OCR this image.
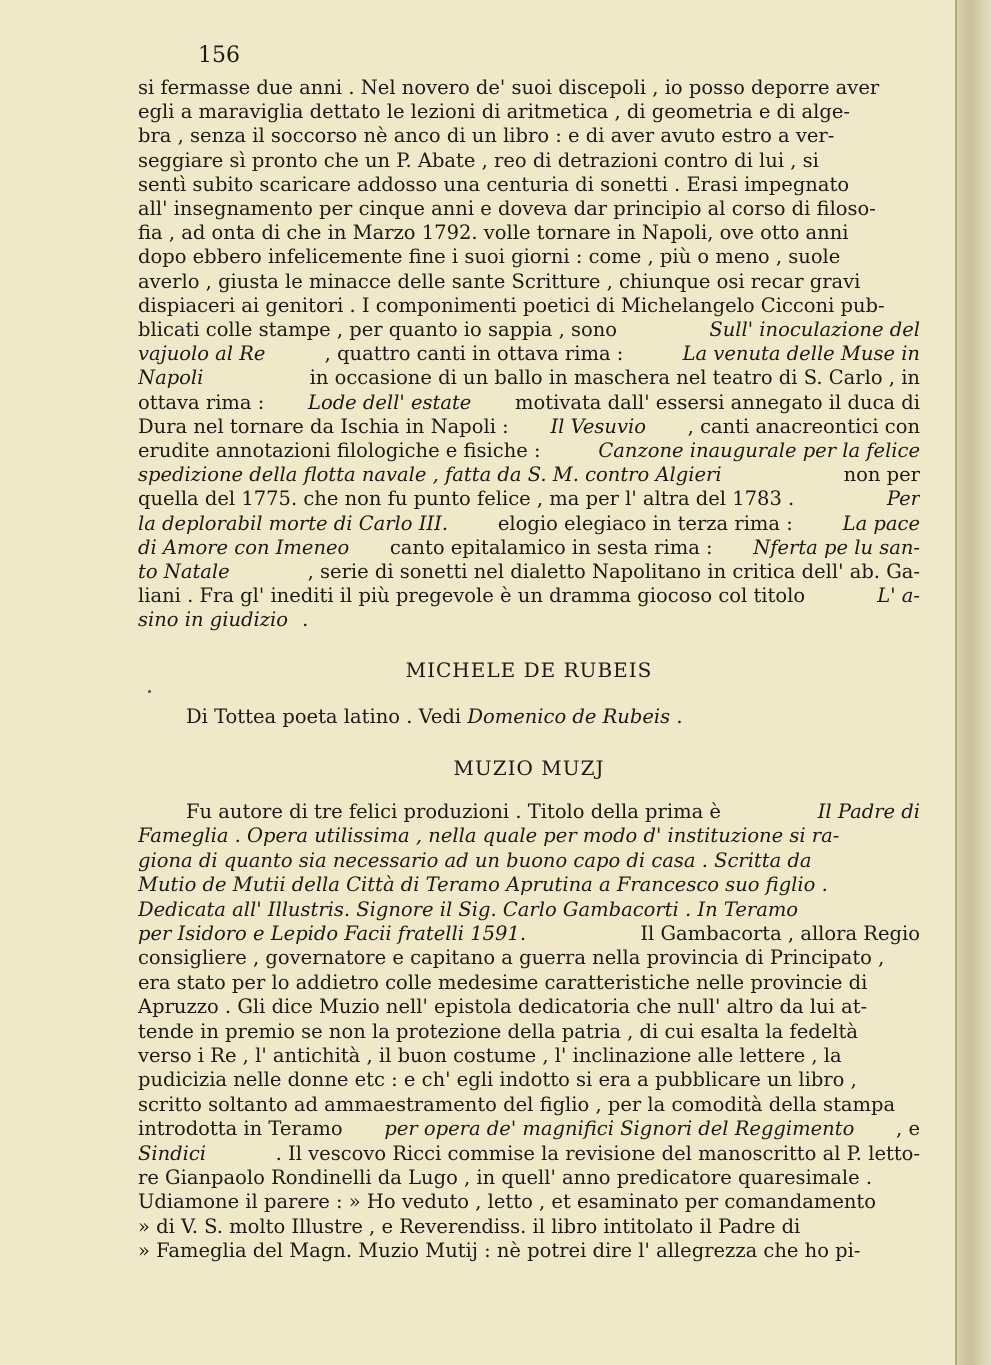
156
si fermasse due anni . Nel novero de' suoi discepoli , io posso deporre aver
egli a maraviglia dettato le lezioni di aritmetica , di geometria e di alge-
bra , senza il soccorso nè anco di un libro : e di aver avuto estro a ver-
seggiare sì pronto che un P. Abate , reo di detrazioni contro di lui , si
sentì subito scaricare addosso una centuria di sonetti . Erasi impegnato
all' insegnamento per cinque anni e doveva dar principio al corso di filoso-
fia , ad onta di che in Marzo 1792. volle tornare in Napoli, ove otto anni
dopo ebbero infelicemente fine i suoi giorni : come , più o meno , suole
averlo , giusta le minacce delle sante Scritture , chiunque osi recar gravi
dispiaceri ai genitori . I componimenti poetici di Michelangelo Cicconi pub-
blicati colle stampe , per quanto io sappia , sono	Sull' inoculazione del
vajuolo al Re	, quattro canti in ottava rima :	La venuta delle Muse in
Napoli	in occasione di un ballo in maschera nel teatro di S. Carlo , in
ottava rima : Lode dell' estate motivata dall' essersi annegato il duca di
Dura nel tornare da Ischia in Napoli : Il Vesuvio , canti anacreontici con
erudite annotazioni filologiche e fisiche :	Canzone inaugurale per la felice
spedizione della flotta navale , fatta da S. M. contro Algieri	non per
quella del 1775. che non fu punto felice , ma per l' altra del 1783 .	Per
la deplorabil morte di Carlo III. elogio elegiaco in terza rima : La pace
di Amore con Imeneo canto epitalamico in sesta rima : Nferta pe lu san-
to Natale	, serie di sonetti nel dialetto Napolitano in critica dell' ab. Ga-
liani . Fra gl' inediti il più pregevole è un dramma giocoso col titolo	L' a-
sino in giudizio .
MICHELE DE RUBEIS
Di Tottea poeta latino . Vedi Domenico de Rubeis .
MUZIO MUZJ
Fu autore di tre felici produzioni . Titolo della prima è	Il Padre di
Fameglia . Opera utilissima , nella quale per modo d' instituzione si ra-
giona di quanto sia necessario ad un buono capo di casa . Scritta da
Mutio de Mutii della Città di Teramo Aprutina a Francesco suo figlio .
Dedicata all' Illustris. Signore il Sig. Carlo Gambacorti . In Teramo
per Isidoro e Lepido Facii fratelli 1591.	Il Gambacorta , allora Regio
consigliere , governatore e capitano a guerra nella provincia di Principato ,
era stato per lo addietro colle medesime caratteristiche nelle provincie di
Apruzzo . Gli dice Muzio nell' epistola dedicatoria che null' altro da lui at-
tende in premio se non la protezione della patria , di cui esalta la fedeltà
verso i Re , l' antichità , il buon costume , l' inclinazione alle lettere , la
pudicizia nelle donne etc : e ch' egli indotto si era a pubblicare un libro ,
scritto soltanto ad ammaestramento del figlio , per la comodità della stampa
introdotta in Teramo per opera de' magnifici Signori del Reggimento , e
Sindici	. Il vescovo Ricci commise la revisione del manoscritto al P. letto-
re Gianpaolo Rondinelli da Lugo , in quell' anno predicatore quaresimale .
Udiamone il parere : » Ho veduto , letto , et esaminato per comandamento
» di V. S. molto Illustre , e Reverendiss. il libro intitolato il Padre di
» Fameglia del Magn. Muzio Mutij : nè potrei dire l' allegrezza che ho pi-
